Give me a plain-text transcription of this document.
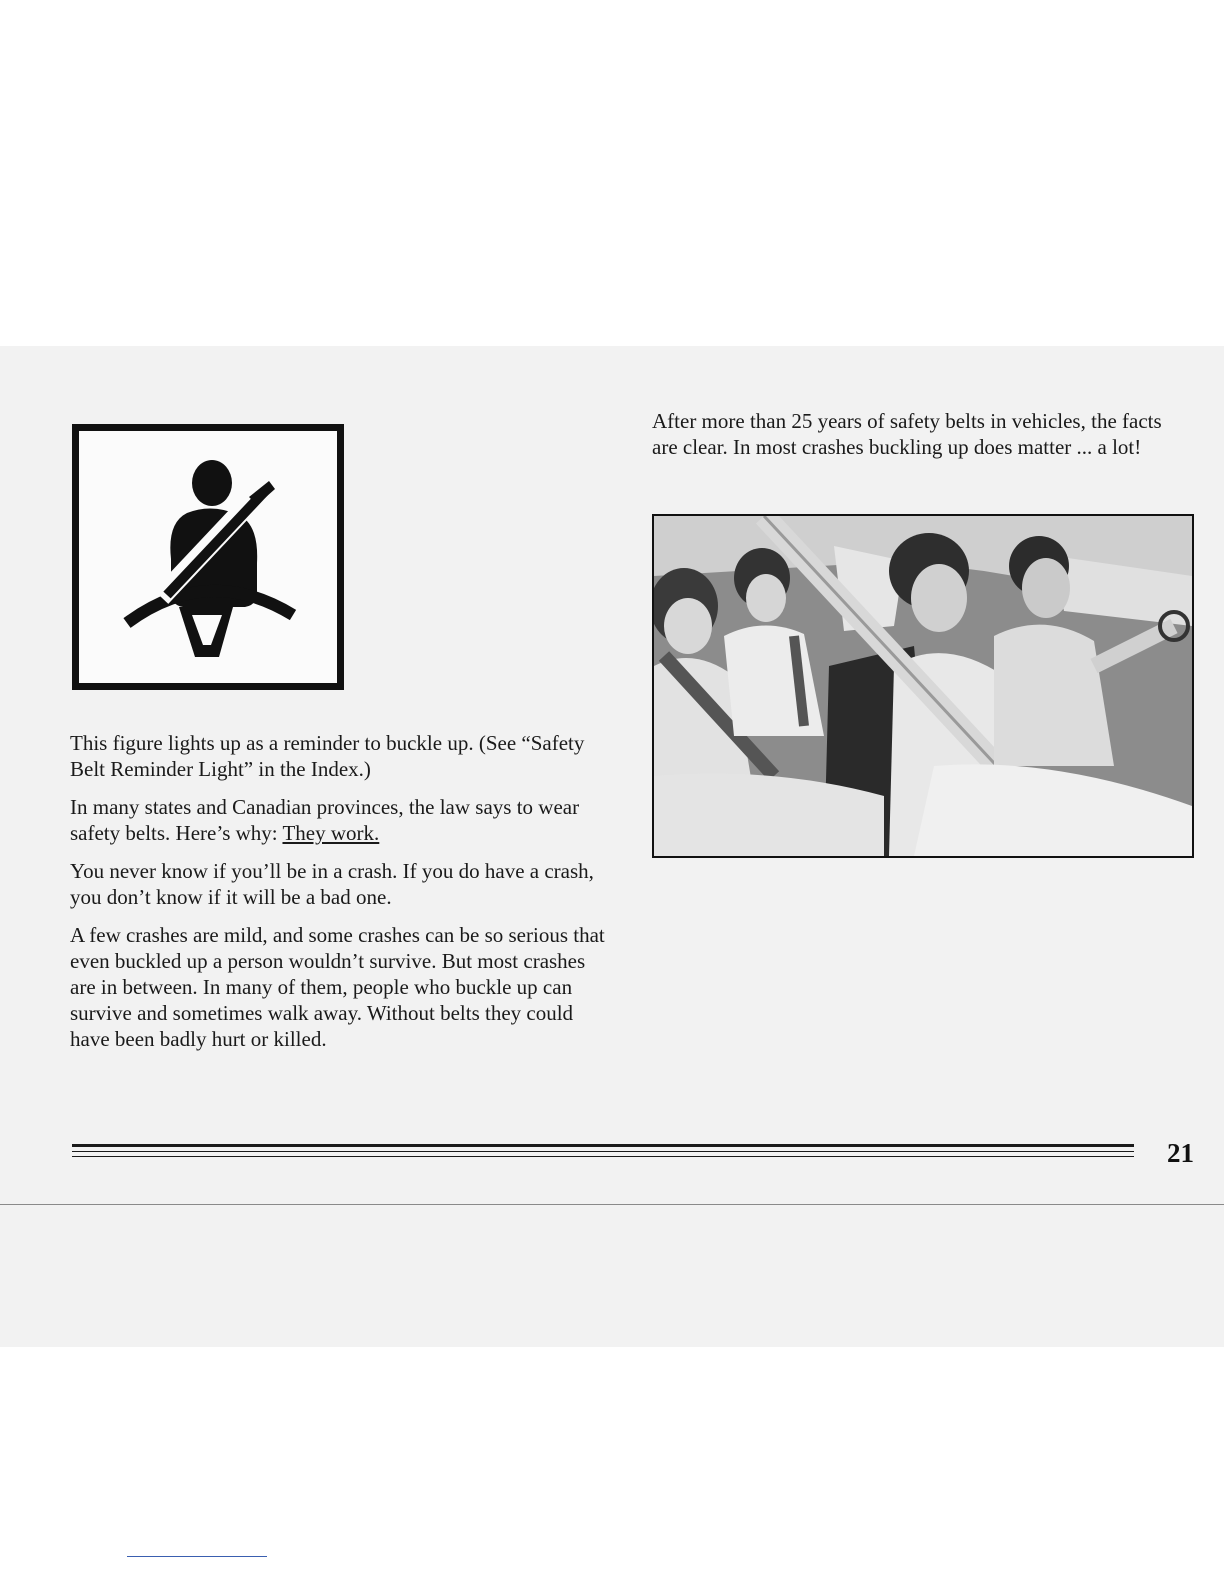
This figure lights up as a reminder to buckle up. (See “Safety Belt Reminder Light” in the Index.)

In many states and Canadian provinces, the law says to wear safety belts. Here’s why: They work.

You never know if you’ll be in a crash. If you do have a crash, you don’t know if it will be a bad one.

A few crashes are mild, and some crashes can be so serious that even buckled up a person wouldn’t survive. But most crashes are in between. In many of them, people who buckle up can survive and sometimes walk away. Without belts they could have been badly hurt or killed.

After more than 25 years of safety belts in vehicles, the facts are clear. In most crashes buckling up does matter ... a lot!

21
